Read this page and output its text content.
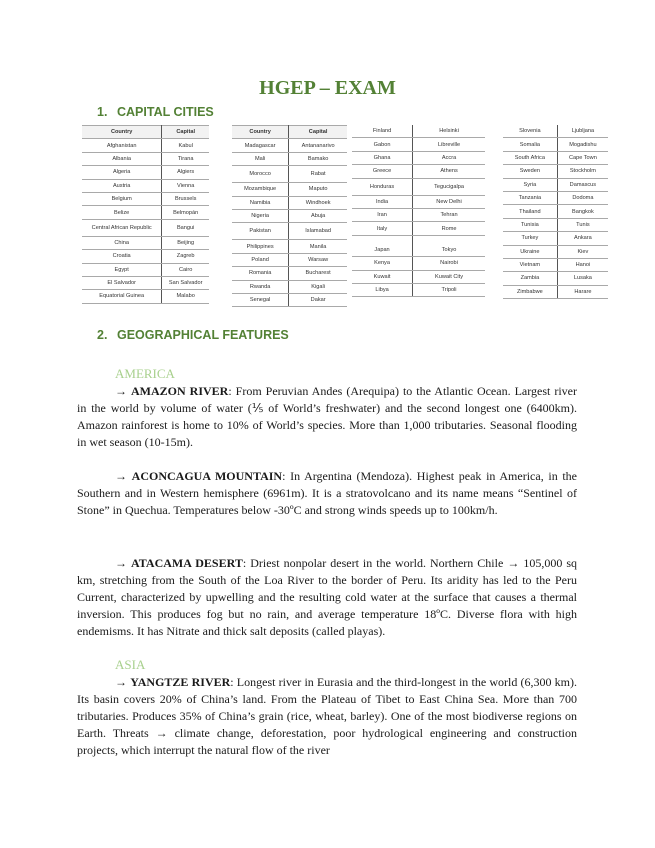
HGEP – EXAM
1. CAPITAL CITIES
Country	Capital
Afghanistan	Kabul
Albania	Tirana
Algeria	Algiers
Austria	Vienna
Belgium	Brussels
Belize	Belmopán
Central African Republic	Bangui
China	Beijing
Croatia	Zagreb
Egypt	Cairo
El Salvador	San Salvador
Equatorial Guinea	Malabo
Country	Capital
Madagascar	Antananarivo
Mali	Bamako
Morocco	Rabat
Mozambique	Maputo
Namibia	Windhoek
Nigeria	Abuja
Pakistan	Islamabad
Philippines	Manila
Poland	Warsaw
Romania	Bucharest
Rwanda	Kigali
Senegal	Dakar
Finland	Helsinki
Gabon	Libreville
Ghana	Accra
Greece	Athens
Honduras	Tegucigalpa
India	New Delhi
Iran	Tehran
Italy	Rome

Japan	Tokyo
Kenya	Nairobi
Kuwait	Kuwait City
Libya	Tripoli
Slovenia	Ljubljana
Somalia	Mogadishu
South Africa	Cape Town
Sweden	Stockholm
Syria	Damascus
Tanzania	Dodoma
Thailand	Bangkok
Tunisia	Tunis
Turkey	Ankara
Ukraine	Kiev
Vietnam	Hanoi
Zambia	Lusaka
Zimbabwe	Harare
2. GEOGRAPHICAL FEATURES
AMERICA

→ AMAZON RIVER: From Peruvian Andes (Arequipa) to the Atlantic Ocean. Largest river in the world by volume of water (⅕ of World’s freshwater) and the second longest one (6400km). Amazon rainforest is home to 10% of World’s species. More than 1,000 tributaries. Seasonal flooding in wet season (10-15m).

→ ACONCAGUA MOUNTAIN: In Argentina (Mendoza). Highest peak in America, in the Southern and in Western hemisphere (6961m). It is a stratovolcano and its name means “Sentinel of Stone” in Quechua. Temperatures below -30ºC and strong winds speeds up to 100km/h.

→ ATACAMA DESERT: Driest nonpolar desert in the world. Northern Chile → 105,000 sq km, stretching from the South of the Loa River to the border of Peru. Its aridity has led to the Peru Current, characterized by upwelling and the resulting cold water at the surface that causes a thermal inversion. This produces fog but no rain, and average temperature 18ºC. Diverse flora with high endemisms. It has Nitrate and thick salt deposits (called playas).

ASIA

→ YANGTZE RIVER: Longest river in Eurasia and the third-longest in the world (6,300 km). Its basin covers 20% of China’s land. From the Plateau of Tibet to East China Sea. More than 700 tributaries. Produces 35% of China’s grain (rice, wheat, barley). One of the most biodiverse regions on Earth. Threats → climate change, deforestation, poor hydrological engineering and construction projects, which interrupt the natural flow of the river
